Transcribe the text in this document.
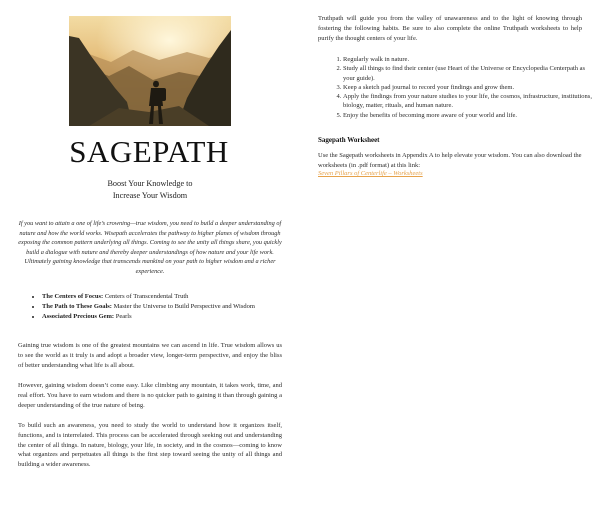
SAGEPATH
Boost Your Knowledge to
Increase Your Wisdom

If you want to attain a one of life’s crowning—true wisdom, you need to build a deeper understanding of nature and how the world works. Wisepath accelerates the pathway to higher planes of wisdom through exposing the common pattern underlying all things. Coming to see the unity all things share, you quickly build a dialogue with nature and thereby deeper understandings of how nature and your life work. Ultimately gaining knowledge that transcends mankind on your path to higher wisdom and a richer experience.

• The Centers of Focus: Centers of Transcendental Truth
• The Path to These Goals: Master the Universe to Build Perspective and Wisdom
• Associated Precious Gem: Pearls

Gaining true wisdom is one of the greatest mountains we can ascend in life. True wisdom allows us to see the world as it truly is and adopt a broader view, longer-term perspective, and enjoy the bliss of better understanding what life is all about.

However, gaining wisdom doesn’t come easy. Like climbing any mountain, it takes work, time, and real effort. You have to earn wisdom and there is no quicker path to gaining it than through gaining a deeper understanding of the true nature of being.

To build such an awareness, you need to study the world to understand how it organizes itself, functions, and is interrelated. This process can be accelerated through seeking out and understanding the center of all things. In nature, biology, your life, in society, and in the cosmos—coming to know what organizes and perpetuates all things is the first step toward seeing the unity of all things and building a wider awareness.

Truthpath will guide you from the valley of unawareness and to the light of knowing through fostering the following habits. Be sure to also complete the online Truthpath worksheets to help purify the thought centers of your life.

1. Regularly walk in nature.
2. Study all things to find their center (use Heart of the Universe or Encyclopedia Centerpath as your guide).
3. Keep a sketch pad journal to record your findings and grow them.
4. Apply the findings from your nature studies to your life, the cosmos, infrastructure, institutions, biology, matter, rituals, and human nature.
5. Enjoy the benefits of becoming more aware of your world and life.
Sagepath Worksheet

Use the Sagepath worksheets in Appendix A to help elevate your wisdom. You can also download the worksheets (in .pdf format) at this link:

Seven Pillars of Centerlife – Worksheets
